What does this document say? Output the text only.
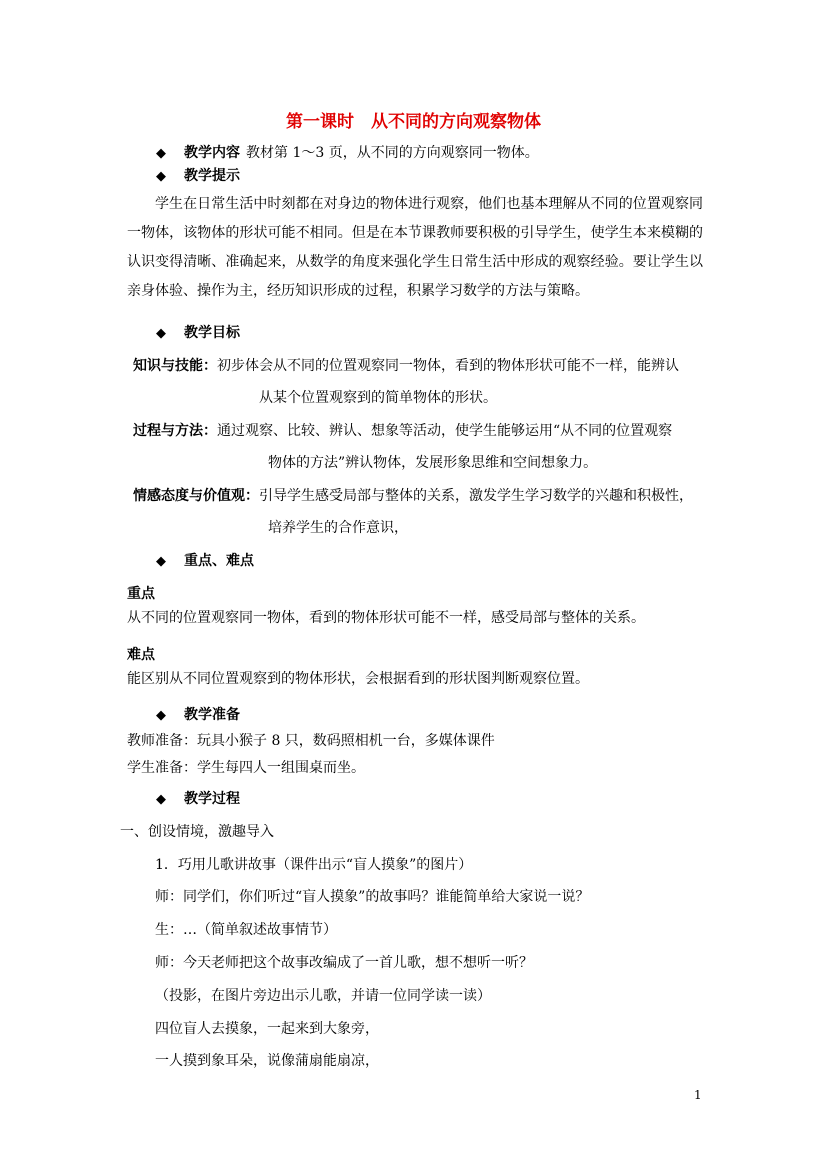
第一课时　从不同的方向观察物体
◆ 教学内容 教材第 1～3 页，从不同的方向观察同一物体。
◆ 教学提示
学生在日常生活中时刻都在对身边的物体进行观察，他们也基本理解从不同的位置观察同一物体，该物体的形状可能不相同。但是在本节课教师要积极的引导学生，使学生本来模糊的认识变得清晰、准确起来，从数学的角度来强化学生日常生活中形成的观察经验。要让学生以亲身体验、操作为主，经历知识形成的过程，积累学习数学的方法与策略。
◆ 教学目标
知识与技能：初步体会从不同的位置观察同一物体，看到的物体形状可能不一样，能辨认
从某个位置观察到的简单物体的形状。
过程与方法：通过观察、比较、辨认、想象等活动，使学生能够运用“从不同的位置观察
物体的方法”辨认物体，发展形象思维和空间想象力。
情感态度与价值观：引导学生感受局部与整体的关系，激发学生学习数学的兴趣和积极性，
培养学生的合作意识，
◆ 重点、难点
重点
从不同的位置观察同一物体，看到的物体形状可能不一样，感受局部与整体的关系。
难点
能区别从不同位置观察到的物体形状，会根据看到的形状图判断观察位置。
◆ 教学准备
教师准备：玩具小猴子 8 只，数码照相机一台，多媒体课件
学生准备：学生每四人一组围桌而坐。
◆ 教学过程
一、创设情境，激趣导入
1．巧用儿歌讲故事（课件出示“盲人摸象”的图片）
师：同学们，你们听过“盲人摸象”的故事吗？谁能简单给大家说一说？
生：…（简单叙述故事情节）
师：今天老师把这个故事改编成了一首儿歌，想不想听一听？
（投影，在图片旁边出示儿歌，并请一位同学读一读）
四位盲人去摸象，一起来到大象旁，
一人摸到象耳朵，说像蒲扇能扇凉，
1
